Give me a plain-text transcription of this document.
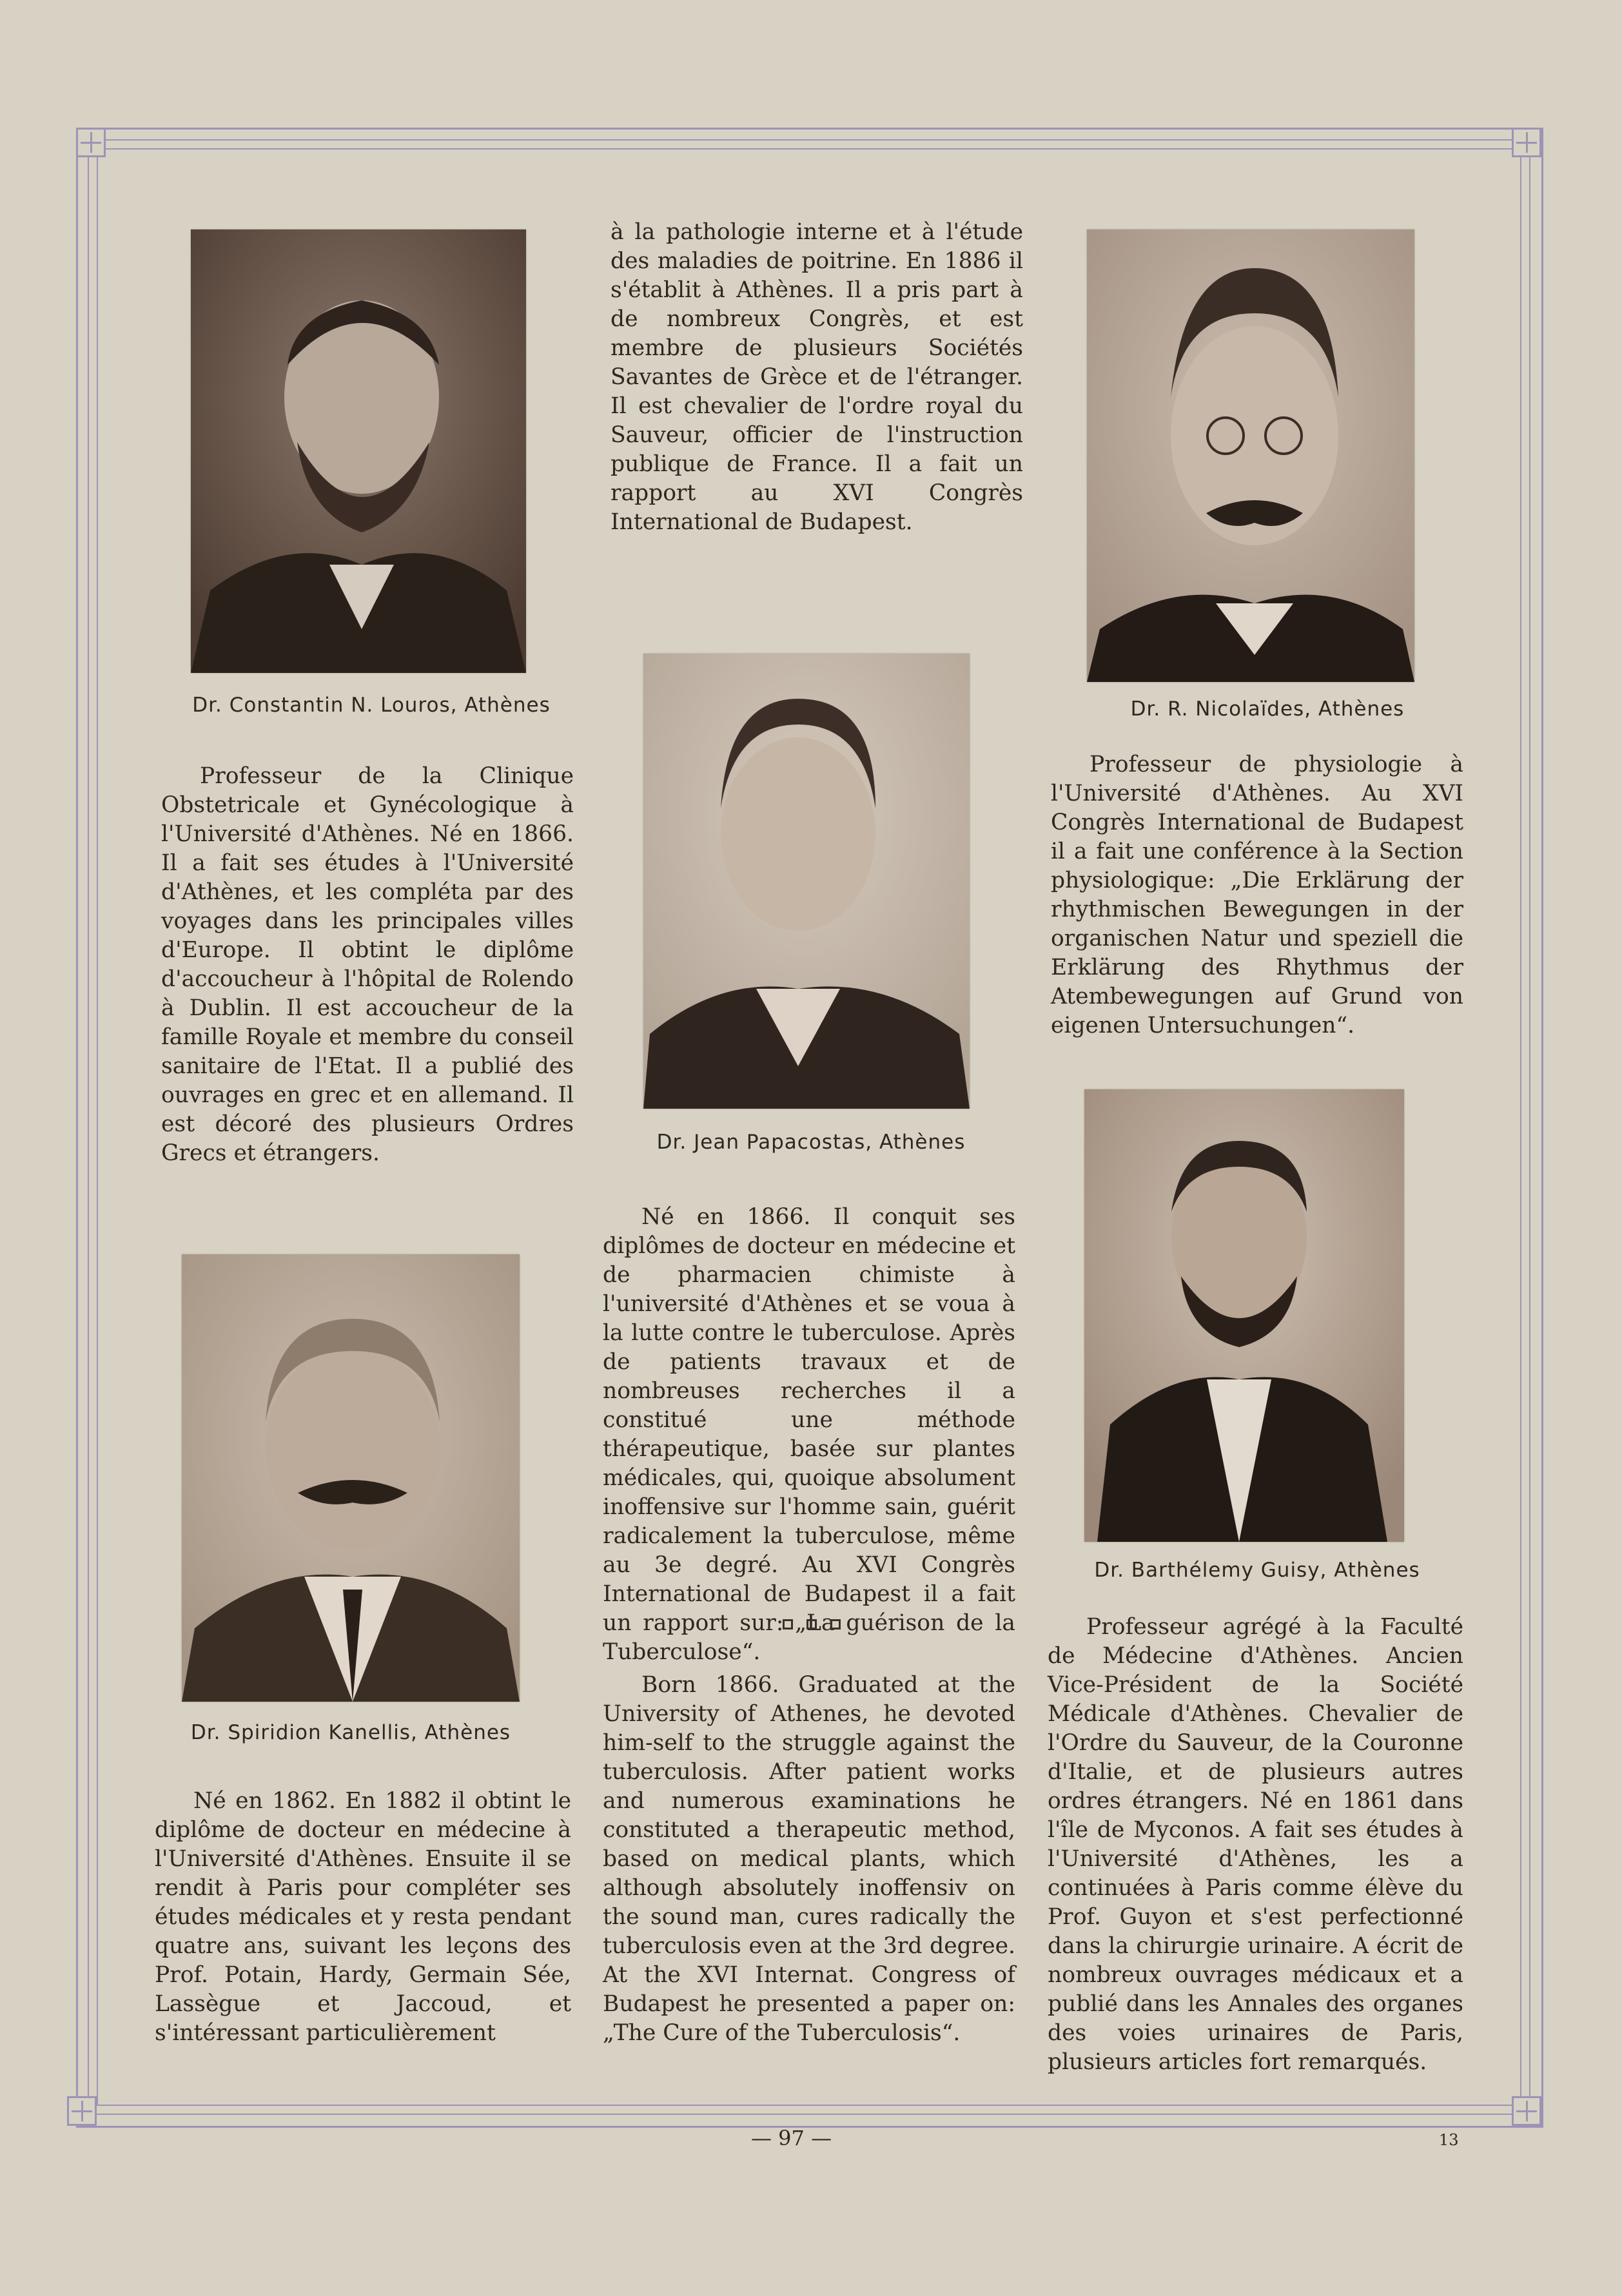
à la pathologie interne et à l'étude des maladies de poitrine. En 1886 il s'établit à Athènes. Il a pris part à de nombreux Congrès, et est membre de plusieurs Sociétés Savantes de Grèce et de l'étranger. Il est chevalier de l'ordre royal du Sauveur, officier de l'instruction publique de France. Il a fait un rapport au XVI Congrès International de Budapest.

Dr. Constantin N. Louros, Athènes	Dr. R. Nicolaïdes, Athènes

Professeur de la Clinique Obstetricale et Gynécologique à l'Université d'Athènes. Né en 1866. Il a fait ses études à l'Université d'Athènes, et les compléta par des voyages dans les principales villes d'Europe. Il obtint le diplôme d'accoucheur à l'hôpital de Rolendo à Dublin. Il est accoucheur de la famille Royale et membre du conseil sanitaire de l'Etat. Il a publié des ouvrages en grec et en allemand. Il est décoré des plusieurs Ordres Grecs et étrangers.

Professeur de physiologie à l'Université d'Athènes. Au XVI Congrès International de Budapest il a fait une conférence à la Section physiologique: „Die Erklärung der rhythmischen Bewegungen in der organischen Natur und speziell die Erklärung des Rhythmus der Atembewegungen auf Grund von eigenen Untersuchungen“.

Dr. Jean Papacostas, Athènes

Né en 1866. Il conquit ses diplômes de docteur en médecine et de pharmacien chimiste à l'université d'Athènes et se voua à la lutte contre le tuberculose. Après de patients travaux et de nombreuses recherches il a constitué une méthode thérapeutique, basée sur plantes médicales, qui, quoique absolument inoffensive sur l'homme sain, guérit radicalement la tuberculose, même au 3e degré. Au XVI Congrès International de Budapest il a fait un rapport sur: „La guérison de la Tuberculose“.

Dr. Barthélemy Guisy, Athènes
Dr. Spiridion Kanellis, Athènes

Born 1866. Graduated at the University of Athenes, he devoted him-self to the struggle against the tuberculosis. After patient works and numerous examinations he constituted a therapeutic method, based on medical plants, which although absolutely inoffensiv on the sound man, cures radically the tuberculosis even at the 3rd degree. At the XVI Internat. Congress of Budapest he presented a paper on: „The Cure of the Tuberculosis“.

Professeur agrégé à la Faculté de Médecine d'Athènes. Ancien Vice-Président de la Société Médicale d'Athènes. Chevalier de l'Ordre du Sauveur, de la Couronne d'Italie, et de plusieurs autres ordres étrangers. Né en 1861 dans l'île de Myconos. A fait ses études à l'Université d'Athènes, les a continuées à Paris comme élève du Prof. Guyon et s'est perfectionné dans la chirurgie urinaire. A écrit de nombreux ouvrages médicaux et a publié dans les Annales des organes des voies urinaires de Paris, plusieurs articles fort remarqués.

Né en 1862. En 1882 il obtint le diplôme de docteur en médecine à l'Université d'Athènes. Ensuite il se rendit à Paris pour compléter ses études médicales et y resta pendant quatre ans, suivant les leçons des Prof. Potain, Hardy, Germain Sée, Lassègue et Jaccoud, et s'intéressant particulièrement

— 97 —	13
